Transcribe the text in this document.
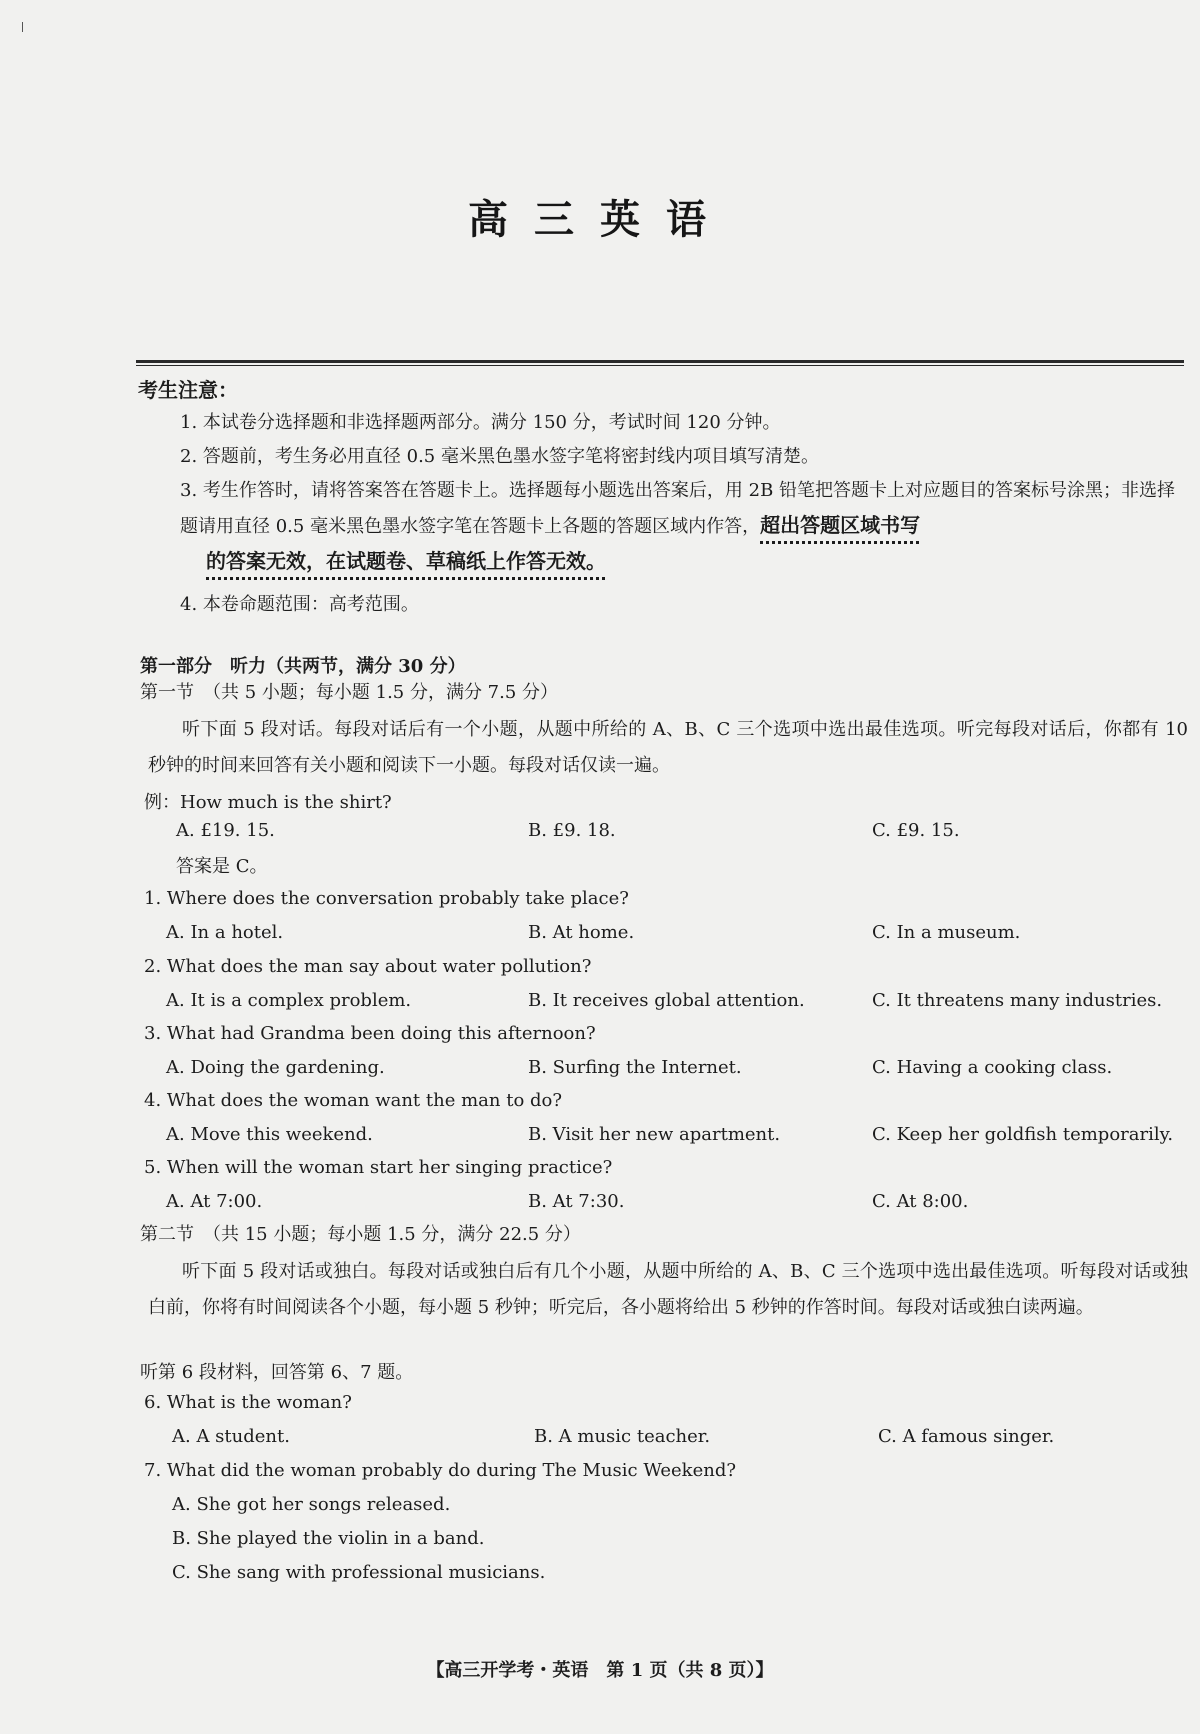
高三英语
考生注意：
1. 本试卷分选择题和非选择题两部分。满分 150 分，考试时间 120 分钟。
2. 答题前，考生务必用直径 0.5 毫米黑色墨水签字笔将密封线内项目填写清楚。
3. 考生作答时，请将答案答在答题卡上。选择题每小题选出答案后，用 2B 铅笔把答题卡上对应题目的答案标号涂黑；非选择题请用直径 0.5 毫米黑色墨水签字笔在答题卡上各题的答题区域内作答，超出答题区域书写
的答案无效，在试题卷、草稿纸上作答无效。
4. 本卷命题范围：高考范围。
第一部分　听力（共两节，满分 30 分）
第一节　（共 5 小题；每小题 1.5 分，满分 7.5 分）
听下面 5 段对话。每段对话后有一个小题，从题中所给的 A、B、C 三个选项中选出最佳选项。听完每段对话后，你都有 10 秒钟的时间来回答有关小题和阅读下一小题。每段对话仅读一遍。
例：How much is the shirt?
A. £19. 15.	B. £9. 18.	C. £9. 15.
答案是 C。
1. Where does the conversation probably take place?
A. In a hotel.	B. At home.	C. In a museum.
2. What does the man say about water pollution?
A. It is a complex problem.	B. It receives global attention.	C. It threatens many industries.
3. What had Grandma been doing this afternoon?
A. Doing the gardening.	B. Surfing the Internet.	C. Having a cooking class.
4. What does the woman want the man to do?
A. Move this weekend.	B. Visit her new apartment.	C. Keep her goldfish temporarily.
5. When will the woman start her singing practice?
A. At 7:00.	B. At 7:30.	C. At 8:00.
第二节　（共 15 小题；每小题 1.5 分，满分 22.5 分）
听下面 5 段对话或独白。每段对话或独白后有几个小题，从题中所给的 A、B、C 三个选项中选出最佳选项。听每段对话或独白前，你将有时间阅读各个小题，每小题 5 秒钟；听完后，各小题将给出 5 秒钟的作答时间。每段对话或独白读两遍。
听第 6 段材料，回答第 6、7 题。
6. What is the woman?
A. A student.	B. A music teacher.	C. A famous singer.
7. What did the woman probably do during The Music Weekend?
A. She got her songs released.
B. She played the violin in a band.
C. She sang with professional musicians.
【高三开学考・英语　第 1 页（共 8 页）】
